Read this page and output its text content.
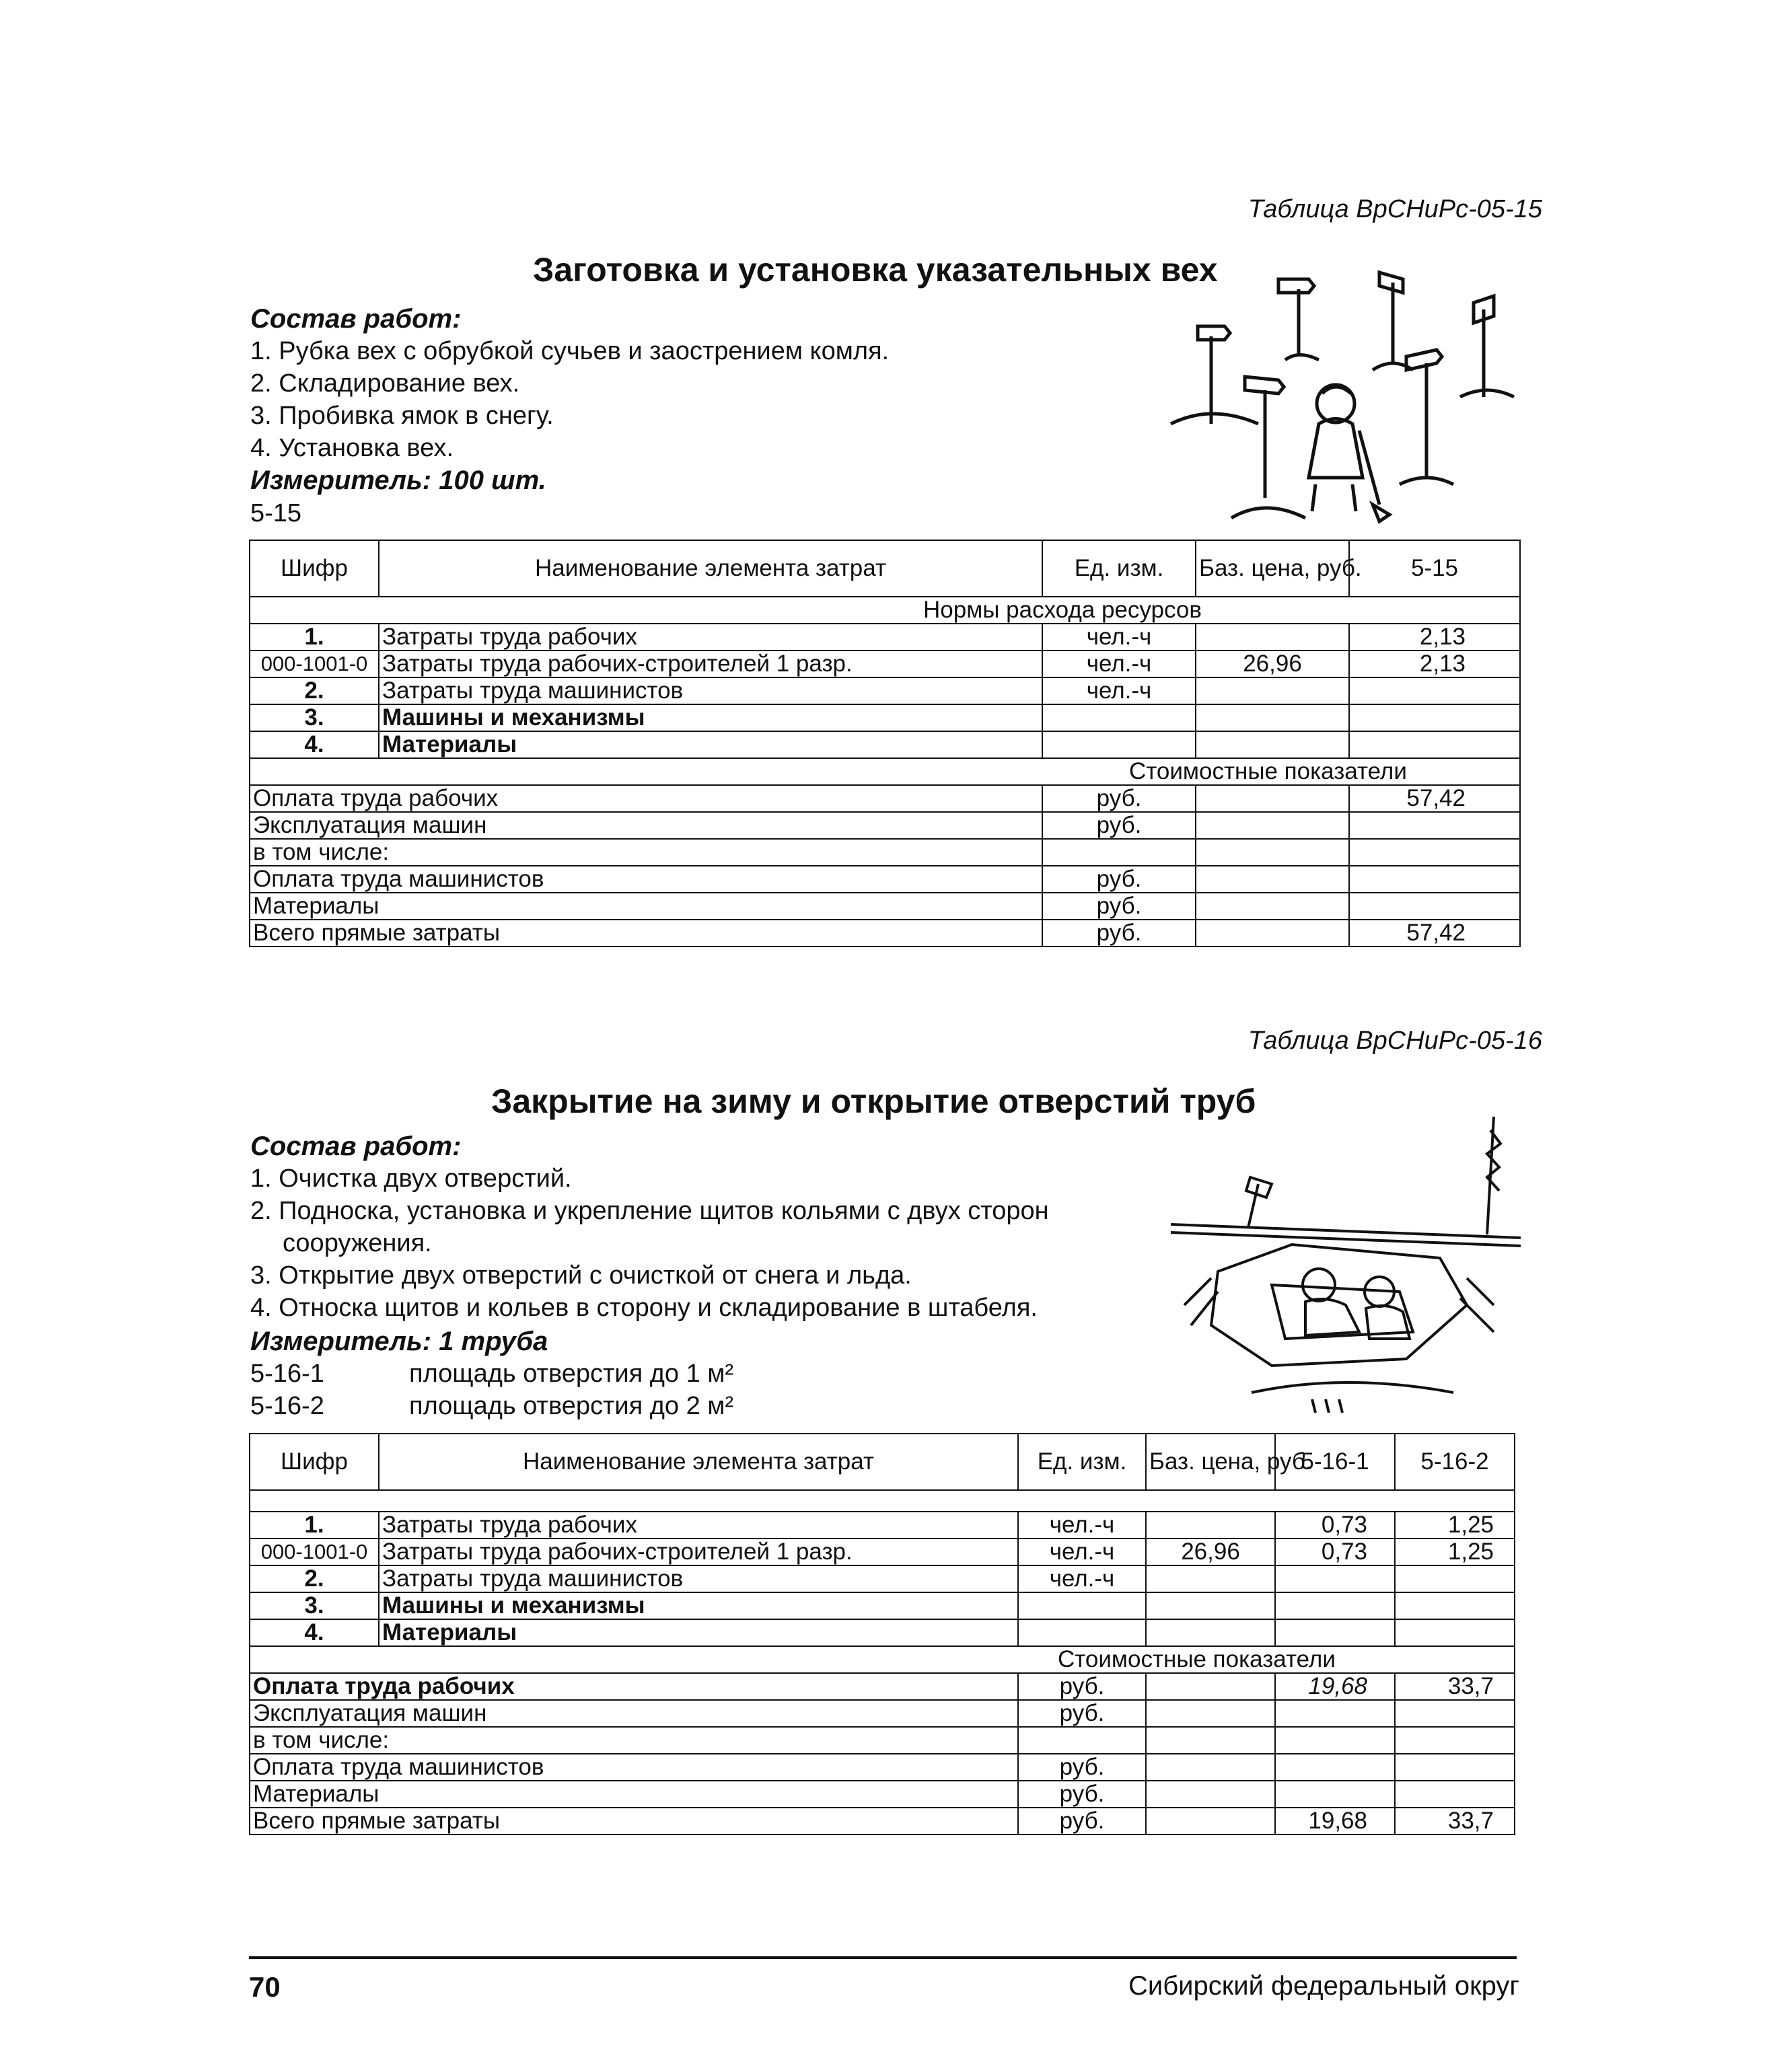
Таблица ВрСНиРс-05-15
Заготовка и установка указательных вех
Состав работ:
1. Рубка вех с обрубкой сучьев и заострением комля.
2. Складирование вех.
3. Пробивка ямок в снегу.
4. Установка вех.
Измеритель: 100 шт.
5-15
Шифр	Наименование элемента затрат	Ед. изм.	Баз. цена, руб.	5-15
Нормы расхода ресурсов				
1.	Затраты труда рабочих	чел.-ч		2,13
000-1001-0	Затраты труда рабочих-строителей 1 разр.	чел.-ч	26,96	2,13
2.	Затраты труда машинистов	чел.-ч		
3.	Машины и механизмы			
4.	Материалы			
Стоимостные показатели				
Оплата труда рабочих		руб.		57,42
Эксплуатация машин		руб.		
в том числе:				
Оплата труда машинистов		руб.		
Материалы		руб.		
Всего прямые затраты		руб.		57,42
Таблица ВрСНиРс-05-16
Закрытие на зиму и открытие отверстий труб
Состав работ:
1. Очистка двух отверстий.
2. Подноска, установка и укрепление щитов кольями с двух сторон
сооружения.
3. Открытие двух отверстий с очисткой от снега и льда.
4. Относка щитов и кольев в сторону и складирование в штабеля.
Измеритель: 1 труба
5-16-1	площадь отверстия до 1 м²
5-16-2	площадь отверстия до 2 м²
Шифр	Наименование элемента затрат	Ед. изм.	Баз. цена, руб.	5-16-1	5-16-2

1.	Затраты труда рабочих	чел.-ч		0,73	1,25
000-1001-0	Затраты труда рабочих-строителей 1 разр.	чел.-ч	26,96	0,73	1,25
2.	Затраты труда машинистов	чел.-ч			
3.	Машины и механизмы				
4.	Материалы				
Стоимостные показатели					
Оплата труда рабочих		руб.		19,68	33,7
Эксплуатация машин		руб.			
в том числе:					
Оплата труда машинистов		руб.			
Материалы		руб.			
Всего прямые затраты		руб.		19,68	33,7
70	Сибирский федеральный округ
